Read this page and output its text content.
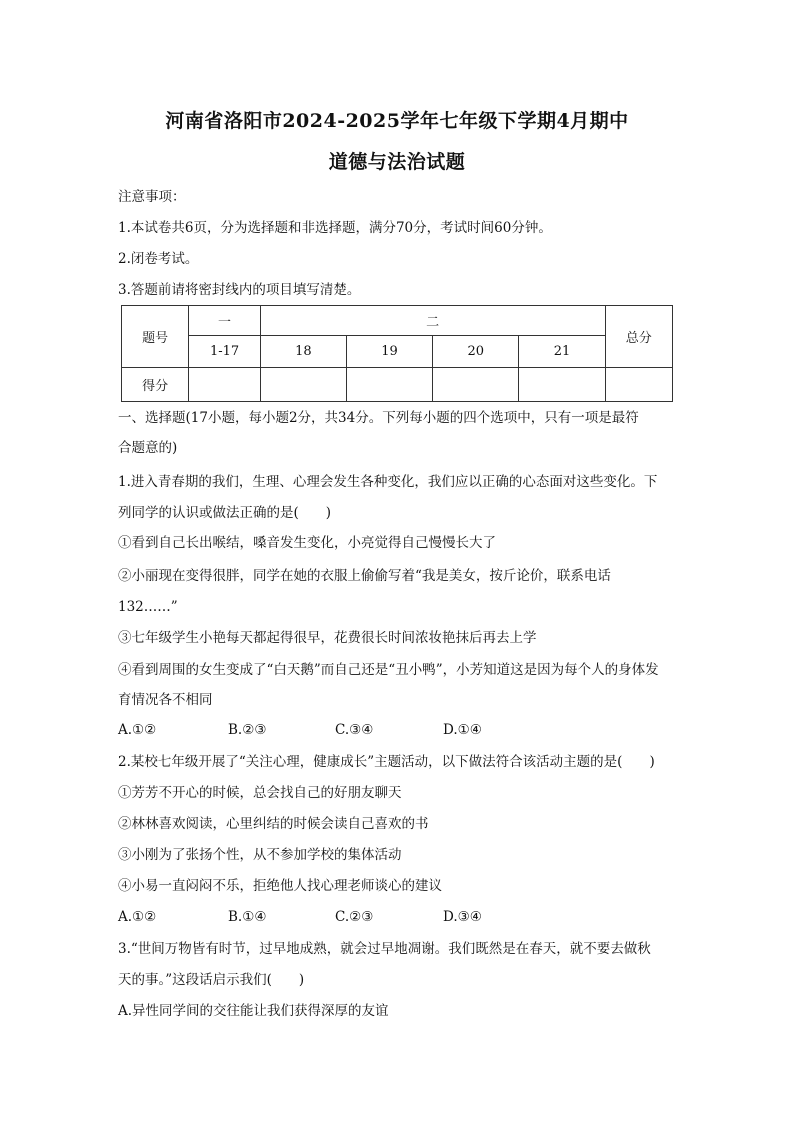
河南省洛阳市2024-2025学年七年级下学期4月期中
道德与法治试题
注意事项：
1.本试卷共6页，分为选择题和非选择题，满分70分，考试时间60分钟。
2.闭卷考试。
3.答题前请将密封线内的项目填写清楚。
题号	一	二				总分
	1-17	18	19	20	21	
得分						
一、选择题(17小题，每小题2分，共34分。下列每小题的四个选项中，只有一项是最符
合题意的)
1.进入青春期的我们，生理、心理会发生各种变化，我们应以正确的心态面对这些变化。下
列同学的认识或做法正确的是(　　)
①看到自己长出喉结，嗓音发生变化，小亮觉得自己慢慢长大了
②小丽现在变得很胖，同学在她的衣服上偷偷写着“我是美女，按斤论价，联系电话
132……”
③七年级学生小艳每天都起得很早，花费很长时间浓妆艳抹后再去上学
④看到周围的女生变成了“白天鹅”而自己还是“丑小鸭”，小芳知道这是因为每个人的身体发
育情况各不相同
A.①②	B.②③	C.③④	D.①④
2.某校七年级开展了“关注心理，健康成长”主题活动，以下做法符合该活动主题的是(　　)
①芳芳不开心的时候，总会找自己的好朋友聊天
②林林喜欢阅读，心里纠结的时候会读自己喜欢的书
③小刚为了张扬个性，从不参加学校的集体活动
④小易一直闷闷不乐，拒绝他人找心理老师谈心的建议
A.①②	B.①④	C.②③	D.③④
3.“世间万物皆有时节，过早地成熟，就会过早地凋谢。我们既然是在春天，就不要去做秋
天的事。”这段话启示我们(　　)
A.异性同学间的交往能让我们获得深厚的友谊
